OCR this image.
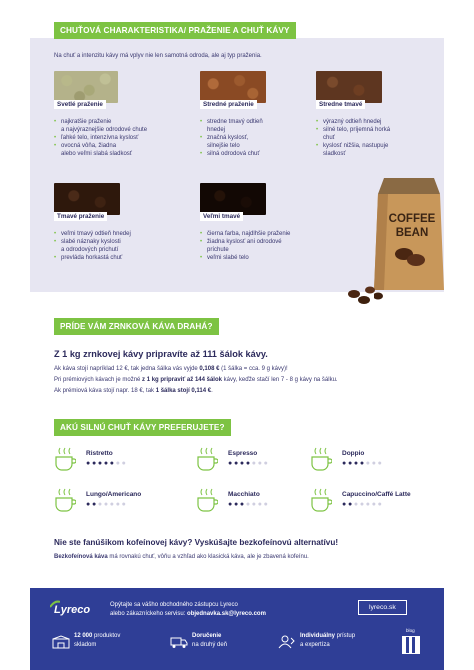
CHUŤOVÁ CHARAKTERISTIKA/ PRAŽENIE A CHUŤ KÁVY
Na chuť a intenzitu kávy má vplyv nie len samotná odroda, ale aj typ praženia.
Svetlé praženie
• najkratšie praženie
a najvýraznejšie odrodové chute
• ľahké telo, intenzívna kyslosť
• ovocná vôňa, žiadna
alebo veľmi slabá sladkosť
Stredné praženie
• stredne tmavý odtieň
hnedej
• značná kyslosť,
silnejšie telo
• silná odrodová chuť
Stredne tmavé
• výrazný odtieň hnedej
• silné telo, príjemná horká
chuť
• kyslosť nižšia, nastupuje
sladkosť
Tmavé praženie
• veľmi tmavý odtieň hnedej
• slabé náznaky kyslosti
a odrodových prichutí
• prevláda horkastá chuť
Veľmi tmavé
• čierna farba, najdlhšie praženie
• žiadna kyslosť ani odrodové
príchute
• veľmi slabé telo
COFFEE
BEAN
PRÍDE VÁM ZRNKOVÁ KÁVA DRAHÁ?
Z 1 kg zrnkovej kávy pripravíte až 111 šálok kávy.
Ak káva stojí napríklad 12 €, tak jedna šálka vás vyjde 0,108 € (1 šálka = cca. 9 g kávy)!
Pri prémiových kávach je možné z 1 kg pripraviť až 144 šálok kávy, keďže stačí len 7 - 8 g kávy na šálku.
Ak prémiová káva stojí napr. 18 €, tak 1 šálka stojí 0,114 €.
AKÚ SILNÚ CHUŤ KÁVY PREFERUJETE?
Ristretto
● ● ● ● ● ● ●
Espresso
● ● ● ● ● ● ●
Doppio
● ● ● ● ● ● ●
Lungo/Americano
● ● ● ● ● ● ●
Macchiato
● ● ● ● ● ● ●
Capuccino/Caffé Latte
● ● ● ● ● ● ●
Nie ste fanúšikom kofeínovej kávy? Vyskúšajte bezkofeínovú alternatívu!
Bezkofeínová káva má rovnakú chuť, vôňu a vzhľad ako klasická káva, ale je zbavená kofeínu.
Lyreco	Opýtajte sa vášho obchodného zástupcu Lyreco
alebo zákazníckeho servisu: objednavka.sk@lyreco.com
lyreco.sk
12 000 produktov
skladom
Doručenie
na druhý deň
Individuálny prístup
a expertíza
blog
